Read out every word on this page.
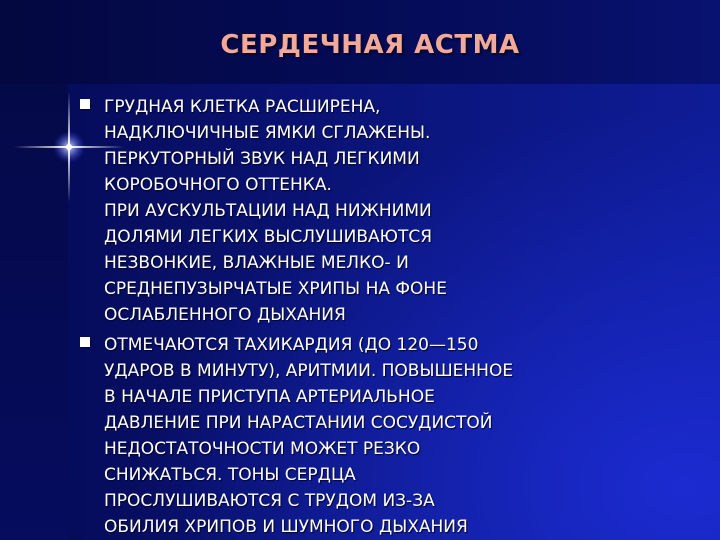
СЕРДЕЧНАЯ АСТМА
ГРУДНАЯ КЛЕТКА РАСШИРЕНА,
НАДКЛЮЧИЧНЫЕ ЯМКИ СГЛАЖЕНЫ.
ПЕРКУТОРНЫЙ ЗВУК НАД ЛЕГКИМИ
КОРОБОЧНОГО ОТТЕНКА.
ПРИ АУСКУЛЬТАЦИИ НАД НИЖНИМИ
ДОЛЯМИ ЛЕГКИХ ВЫСЛУШИВАЮТСЯ
НЕЗВОНКИЕ, ВЛАЖНЫЕ МЕЛКО- И
СРЕДНЕПУЗЫРЧАТЫЕ ХРИПЫ НА ФОНЕ
ОСЛАБЛЕННОГО ДЫХАНИЯ
ОТМЕЧАЮТСЯ ТАХИКАРДИЯ (ДО 120—150
УДАРОВ В МИНУТУ), АРИТМИИ. ПОВЫШЕННОЕ
В НАЧАЛЕ ПРИСТУПА АРТЕРИАЛЬНОЕ
ДАВЛЕНИЕ ПРИ НАРАСТАНИИ СОСУДИСТОЙ
НЕДОСТАТОЧНОСТИ МОЖЕТ РЕЗКО
СНИЖАТЬСЯ. ТОНЫ СЕРДЦА
ПРОСЛУШИВАЮТСЯ С ТРУДОМ ИЗ-ЗА
ОБИЛИЯ ХРИПОВ И ШУМНОГО ДЫХАНИЯ
